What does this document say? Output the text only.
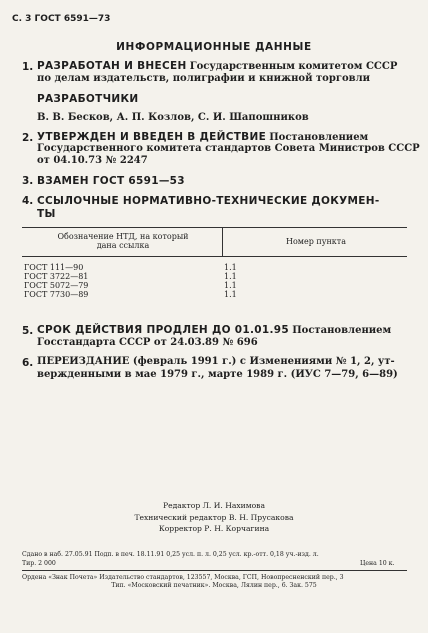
С. 3 ГОСТ 6591—73
ИНФОРМАЦИОННЫЕ ДАННЫЕ
1. РАЗРАБОТАН И ВНЕСЕН Государственным комитетом СССР
по делам издательств, полиграфии и книжной торговли
РАЗРАБОТЧИКИ
В. В. Бесков, А. П. Козлов, С. И. Шапошников
2. УТВЕРЖДЕН И ВВЕДЕН В ДЕЙСТВИЕ Постановлением
Государственного комитета стандартов Совета Министров СССР
от 04.10.73 № 2247
3. ВЗАМЕН ГОСТ 6591—53
4. ССЫЛОЧНЫЕ НОРМАТИВНО-ТЕХНИЧЕСКИЕ ДОКУМЕН-
ТЫ
Обозначение НТД, на который
дана ссылка	Номер пункта
ГОСТ 111—90	1.1
ГОСТ 3722—81	1.1
ГОСТ 5072—79	1.1
ГОСТ 7730—89	1.1
5. СРОК ДЕЙСТВИЯ ПРОДЛЕН ДО 01.01.95 Постановлением
Госстандарта СССР от 24.03.89 № 696
6. ПЕРЕИЗДАНИЕ (февраль 1991 г.) с Изменениями № 1, 2, ут-
вержденными в мае 1979 г., марте 1989 г. (ИУС 7—79, 6—89)
Редактор Л. И. Нахимова
Технический редактор В. Н. Прусакова
Корректор Р. Н. Корчагина
Сдано в наб. 27.05.91 Подп. в печ. 18.11.91 0,25 усл. п. л. 0,25 усл. кр.-отт. 0,18 уч.-изд. л.
Тир. 2 000	Цена 10 к.
Ордена «Знак Почета» Издательство стандартов, 123557, Москва, ГСП, Новопресненский пер., 3
Тип. «Московский печатник». Москва, Лялин пер., 6. Зак. 575
